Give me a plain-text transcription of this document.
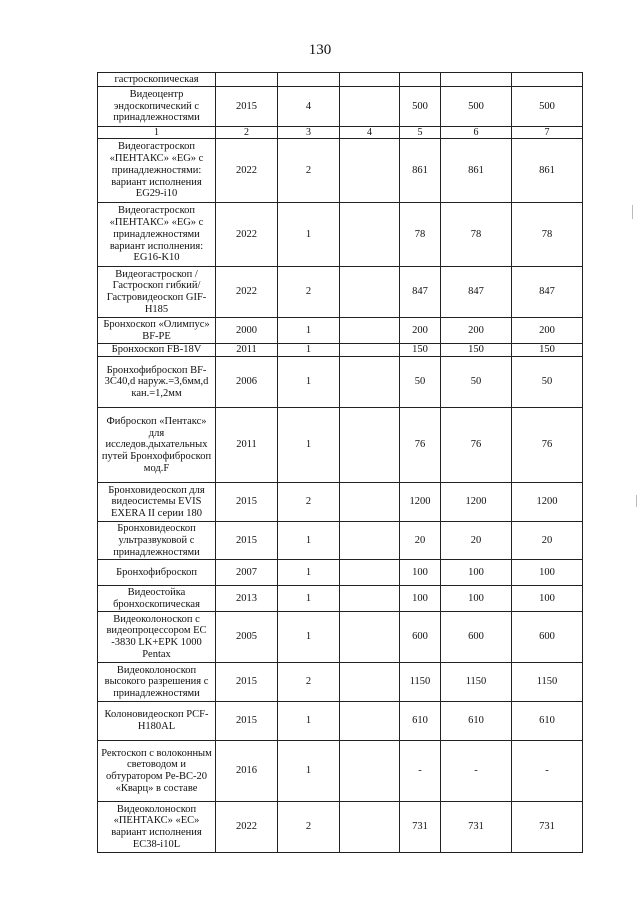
130
гастроскопическая						
Видеоцентр эндоскопический с принадлежностями	2015	4		500	500	500
1	2	3	4	5	6	7
Видеогастроскоп «ПЕНТАКС» «EG» с принадлежностями: вариант исполнения EG29-i10	2022	2		861	861	861
Видеогастроскоп «ПЕНТАКС» «EG» с принадлежностями вариант исполнения: EG16-K10	2022	1		78	78	78
Видеогастроскоп / Гастроскоп гибкий/ Гастровидеоскоп GIF-H185	2022	2		847	847	847
Бронхоскоп «Олимпус» BF-PE	2000	1		200	200	200
Бронхоскоп FB-18V	2011	1		150	150	150
Бронхофиброскоп BF-3C40,d наруж.=3,6мм,d кан.=1,2мм	2006	1		50	50	50
Фиброскоп «Пентакс» для исследов.дыхательных путей Бронхофиброскоп мод.F	2011	1		76	76	76
Бронховидеоскоп для видеосистемы EVIS EXERA II серии 180	2015	2		1200	1200	1200
Бронховидеоскоп ультразвуковой с принадлежностями	2015	1		20	20	20
Бронхофиброскоп	2007	1		100	100	100
Видеостойка бронхоскопическая	2013	1		100	100	100
Видеоколоноскоп с видеопроцессором EC -3830 LK+EPK 1000 Pentax	2005	1		600	600	600
Видеоколоноскоп высокого разрешения с принадлежностями	2015	2		1150	1150	1150
Колоновидеоскоп PCF-H180AL	2015	1		610	610	610
Ректоскоп с волоконным световодом и обтуратором Ре-ВС-20 «Кварц» в составе	2016	1		-	-	-
Видеоколоноскоп «ПЕНТАКС» «EC» вариант исполнения EC38-i10L	2022	2		731	731	731
